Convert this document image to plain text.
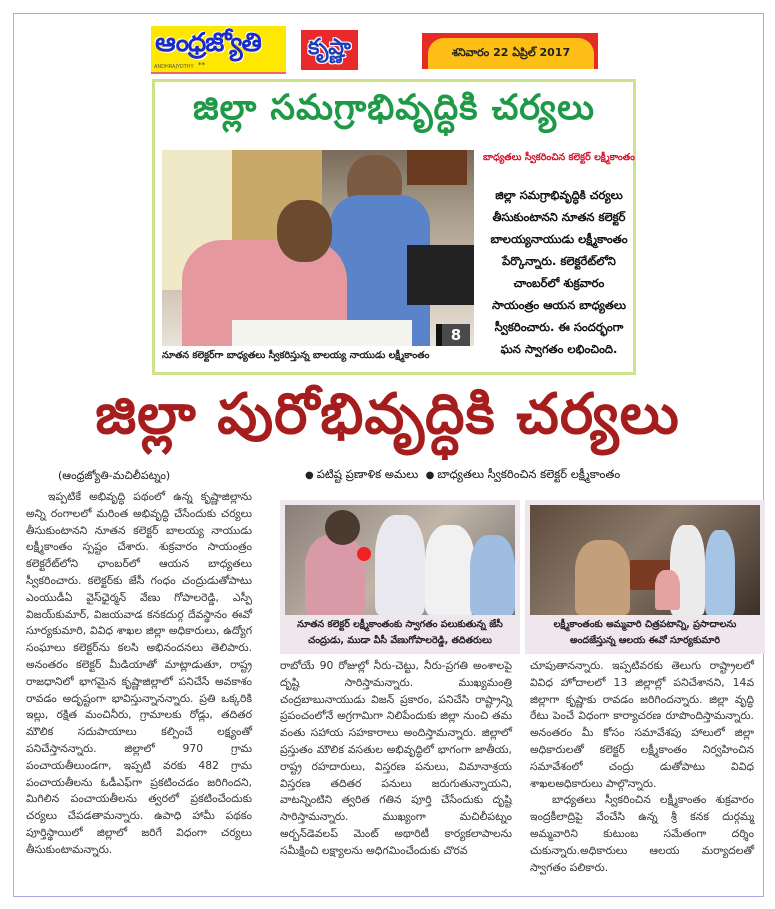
ఆంధ్రజ్యోతి
ANDHRAJYOTHY **
కృష్ణా	శనివారం 22 ఏప్రిల్ 2017
జిల్లా సమగ్రాభివృద్ధికి చర్యలు
8
నూతన కలెక్టర్‌గా బాధ్యతలు స్వీకరిస్తున్న బాలయ్య నాయుడు లక్ష్మీకాంతం
బాధ్యతలు స్వీకరించిన కలెక్టర్ లక్ష్మీకాంతం
జిల్లా సమగ్రాభివృద్ధికి చర్యలు
తీసుకుంటానని నూతన కలెక్టర్
బాలయ్యనాయుడు లక్ష్మీకాంతం
పేర్కొన్నారు. కలెక్టరేట్‌లోని
చాంబర్‌లో శుక్రవారం
సాయంత్రం ఆయన బాధ్యతలు
స్వీకరించారు. ఈ సందర్భంగా
ఘన స్వాగతం లభించింది.
జిల్లా పురోభివృద్ధికి చర్యలు
(ఆంధ్రజ్యోతి-మచిలీపట్నం)	● పటిష్ట ప్రణాళిక అమలు ● బాధ్యతలు స్వీకరించిన కలెక్టర్ లక్ష్మీకాంతం

ఇప్పటికే అభివృద్ధి పథంలో ఉన్న కృష్ణాజిల్లాను అన్ని రంగాలలో మరింత అభివృద్ధి చేసేందుకు చర్యలు తీసుకుంటానని నూతన కలెక్టర్ బాలయ్య నాయుడు లక్ష్మీకాంతం స్పష్టం చేశారు. శుక్రవారం సాయంత్రం కలెక్టరేట్‌లోని ఛాంబర్‌లో ఆయన బాధ్యతలు స్వీకరించారు. కలెక్టర్‌కు జేసీ గంధం చంద్రుడుతోపాటు ఎంయుడీఏ వైస్‌ఛైర్మన్ వేణు గోపాలరెడ్డి, ఎస్పీ విజయ్‌కుమార్, విజయవాడ కనకదుర్గ దేవస్థానం ఈవో సూర్యకుమారి, వివిధ శాఖల జిల్లా అధికారులు, ఉద్యోగ సంఘాలు కలెక్టర్‌ను కలసి అభినందనలు తెలిపారు. అనంతరం కలెక్టర్ మీడియాతో మాట్లాడుతూ, రాష్ట్ర రాజధానిలో భాగమైన కృష్ణాజిల్లాలో పనిచేసే అవకాశం రావడం అదృష్టంగా భావిస్తున్నానన్నారు. ప్రతి ఒక్కరికి ఇల్లు, రక్షిత మంచినీరు, గ్రామాలకు రోడ్లు, తదితర మౌలిక సదుపాయాలు కల్పించే లక్ష్యంతో పనిచేస్తానన్నారు. జిల్లాలో 970 గ్రామ పంచాయతీలుండగా, ఇప్పటి వరకు 482 గ్రామ పంచాయతీలను ఓడీఎఫ్‌గా ప్రకటించడం జరిగిందని, మిగిలిన పంచాయతీలను త్వరలో ప్రకటించేందుకు చర్యలు చేపడతామన్నారు. ఉపాధి హామీ పథకం పూర్తిస్థాయిలో జిల్లాలో జరిగే విధంగా చర్యలు తీసుకుంటామన్నారు.

నూతన కలెక్టర్ లక్ష్మీకాంతంకు స్వాగతం పలుకుతున్న జేసీ
చంద్రుడు, ముడా వీసీ వేణుగోపాలరెడ్డి, తదితరులు
లక్ష్మీకాంతంకు అమ్మవారి చిత్రపటాన్ని, ప్రసాదాలను
అందజేస్తున్న ఆలయ ఈవో సూర్యకుమారి

రాబోయే 90 రోజుల్లో నీరు-చెట్టు, నీరు-ప్రగతి అంశాలపై దృష్టి సారిస్తామన్నారు. ముఖ్యమంత్రి చంద్రబాబునాయుడు విజన్ ప్రకారం, పనిచేసి రాష్ట్రాన్ని ప్రపంచంలోనే అగ్రగామిగా నిలిపేందుకు జిల్లా నుంచి తమ వంతు సహాయ సహకారాలు అందిస్తామన్నారు. జిల్లాలో ప్రస్తుతం మౌలిక వసతుల అభివృద్ధిలో భాగంగా జాతీయ, రాష్ట్ర రహదారులు, విస్తరణ పనులు, విమానాశ్రయ విస్తరణ తదితర పనులు జరుగుతున్నాయని, వాటన్నింటిని త్వరిత గతిన పూర్తి చేసేందుకు దృష్టి సారిస్తామన్నారు. ముఖ్యంగా మచిలీపట్నం అర్బన్‌డెవలప్ మెంట్ అథారిటీ కార్యకలాపాలను సమీక్షించి లక్ష్యాలను అధిగమించేందుకు చొరవ

చూపుతానన్నారు. ఇప్పటివరకు తెలుగు రాష్ట్రాలలో వివిధ హోదాలలో 13 జిల్లాల్లో పనిచేశానని, 14వ జిల్లాగా కృష్ణాకు రావడం జరిగిందన్నారు. జిల్లా వృద్ధి రేటు పెంచే విధంగా కార్యాచరణ రూపొందిస్తామన్నారు. అనంతరం మీ కోసం సమావేశపు హాలులో జిల్లా అధికారులతో కలెక్టర్ లక్ష్మీకాంతం నిర్వహించిన సమావేశంలో చంద్రు డుతోపాటు వివిధ శాఖలఅధికారులు పాల్గొన్నారు.

బాధ్యతలు స్వీకరించిన లక్ష్మీకాంతం శుక్రవారం ఇంద్రకీలాద్రిపై వేంచేసి ఉన్న శ్రీ కనక దుర్గమ్మ అమ్మవారిని కుటుంబ సమేతంగా దర్శిం చుకున్నారు.అధికారులు ఆలయ మర్యాదలతో స్వాగతం పలికారు.
